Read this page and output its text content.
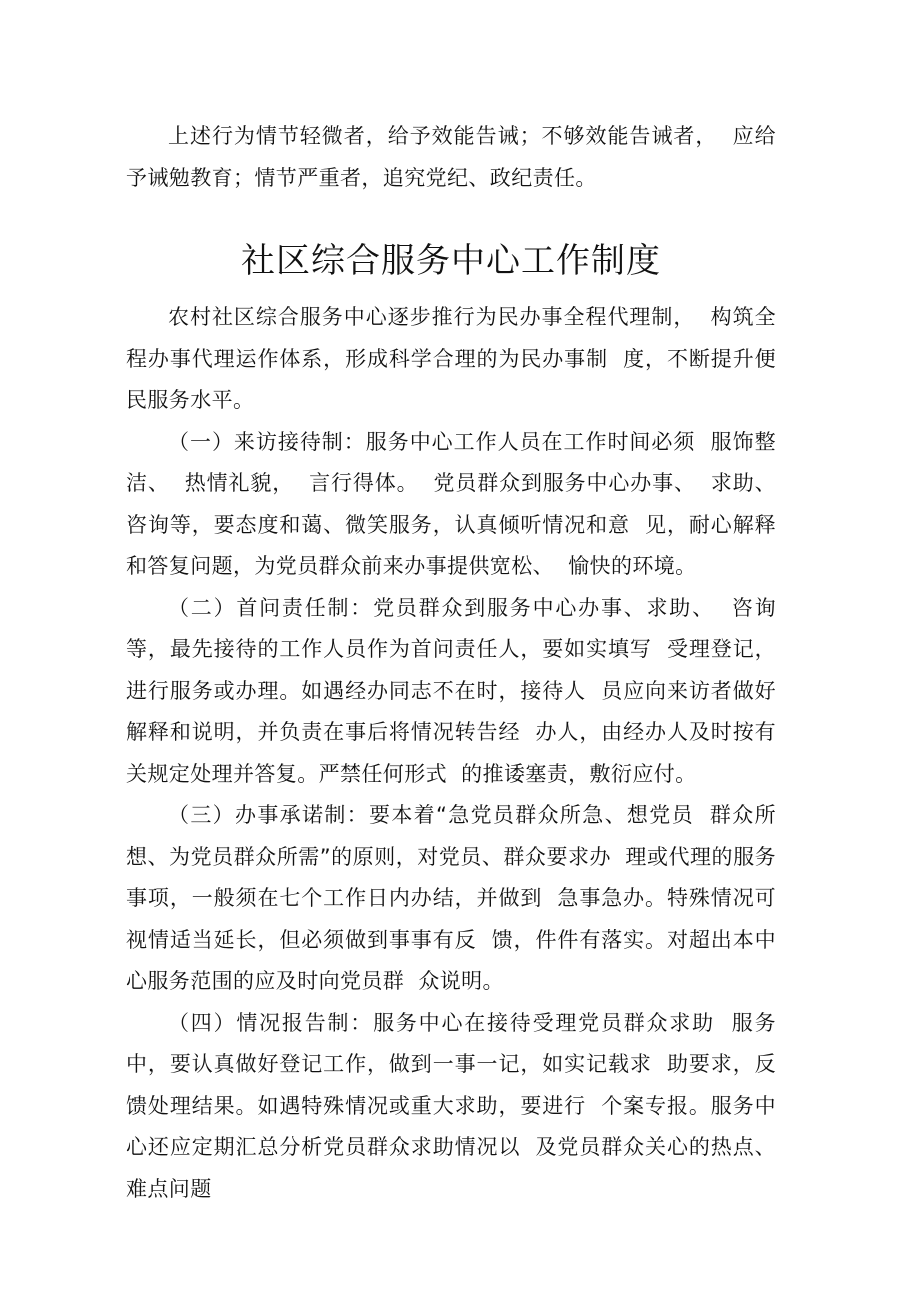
上述行为情节轻微者，给予效能告诫；不够效能告诫者，  应给予诫勉教育；情节严重者，追究党纪、政纪责任。

社区综合服务中心工作制度

农村社区综合服务中心逐步推行为民办事全程代理制，  构筑全程办事代理运作体系，形成科学合理的为民办事制  度，不断提升便民服务水平。

（一）来访接待制：服务中心工作人员在工作时间必须  服饰整洁、  热情礼貌，  言行得体。  党员群众到服务中心办事、  求助、咨询等，要态度和蔼、微笑服务，认真倾听情况和意  见，耐心解释和答复问题，为党员群众前来办事提供宽松、  愉快的环境。

（二）首问责任制：党员群众到服务中心办事、求助、  咨询等，最先接待的工作人员作为首问责任人，要如实填写  受理登记，进行服务或办理。如遇经办同志不在时，接待人  员应向来访者做好解释和说明，并负责在事后将情况转告经  办人，由经办人及时按有关规定处理并答复。严禁任何形式  的推诿塞责，敷衍应付。

（三）办事承诺制：要本着“急党员群众所急、想党员  群众所想、为党员群众所需”的原则，对党员、群众要求办  理或代理的服务事项，一般须在七个工作日内办结，并做到  急事急办。特殊情况可视情适当延长，但必须做到事事有反  馈，件件有落实。对超出本中心服务范围的应及时向党员群  众说明。

（四）情况报告制：服务中心在接待受理党员群众求助  服务中，要认真做好登记工作，做到一事一记，如实记载求  助要求，反馈处理结果。如遇特殊情况或重大求助，要进行  个案专报。服务中心还应定期汇总分析党员群众求助情况以  及党员群众关心的热点、难点问题
